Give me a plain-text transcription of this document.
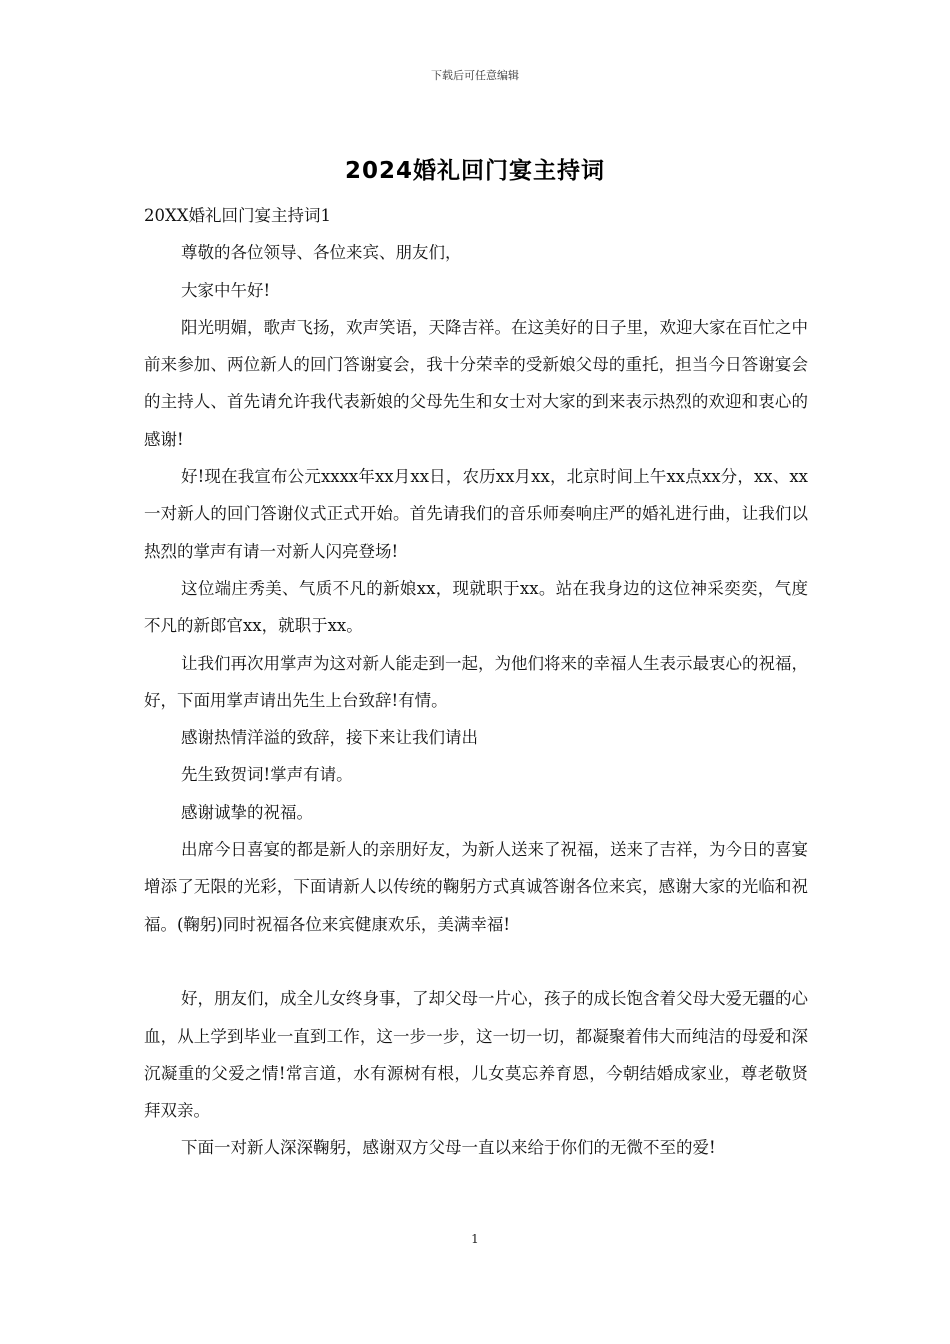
下载后可任意编辑
2024婚礼回门宴主持词

20XX婚礼回门宴主持词1

尊敬的各位领导、各位来宾、朋友们，

大家中午好!

阳光明媚，歌声飞扬，欢声笑语，天降吉祥。在这美好的日子里，欢迎大家在百忙之中前来参加、两位新人的回门答谢宴会，我十分荣幸的受新娘父母的重托，担当今日答谢宴会的主持人、首先请允许我代表新娘的父母先生和女士对大家的到来表示热烈的欢迎和衷心的感谢!

好!现在我宣布公元xxxx年xx月xx日，农历xx月xx，北京时间上午xx点xx分，xx、xx一对新人的回门答谢仪式正式开始。首先请我们的音乐师奏响庄严的婚礼进行曲，让我们以热烈的掌声有请一对新人闪亮登场!

这位端庄秀美、气质不凡的新娘xx，现就职于xx。站在我身边的这位神采奕奕，气度不凡的新郎官xx，就职于xx。

让我们再次用掌声为这对新人能走到一起，为他们将来的幸福人生表示最衷心的祝福，好，下面用掌声请出先生上台致辞!有情。

感谢热情洋溢的致辞，接下来让我们请出

先生致贺词!掌声有请。

感谢诚挚的祝福。

出席今日喜宴的都是新人的亲朋好友，为新人送来了祝福，送来了吉祥，为今日的喜宴增添了无限的光彩，下面请新人以传统的鞠躬方式真诚答谢各位来宾，感谢大家的光临和祝福。(鞠躬)同时祝福各位来宾健康欢乐，美满幸福!

好，朋友们，成全儿女终身事，了却父母一片心，孩子的成长饱含着父母大爱无疆的心血，从上学到毕业一直到工作，这一步一步，这一切一切，都凝聚着伟大而纯洁的母爱和深沉凝重的父爱之情!常言道，水有源树有根，儿女莫忘养育恩，今朝结婚成家业，尊老敬贤拜双亲。

下面一对新人深深鞠躬，感谢双方父母一直以来给于你们的无微不至的爱!

1
